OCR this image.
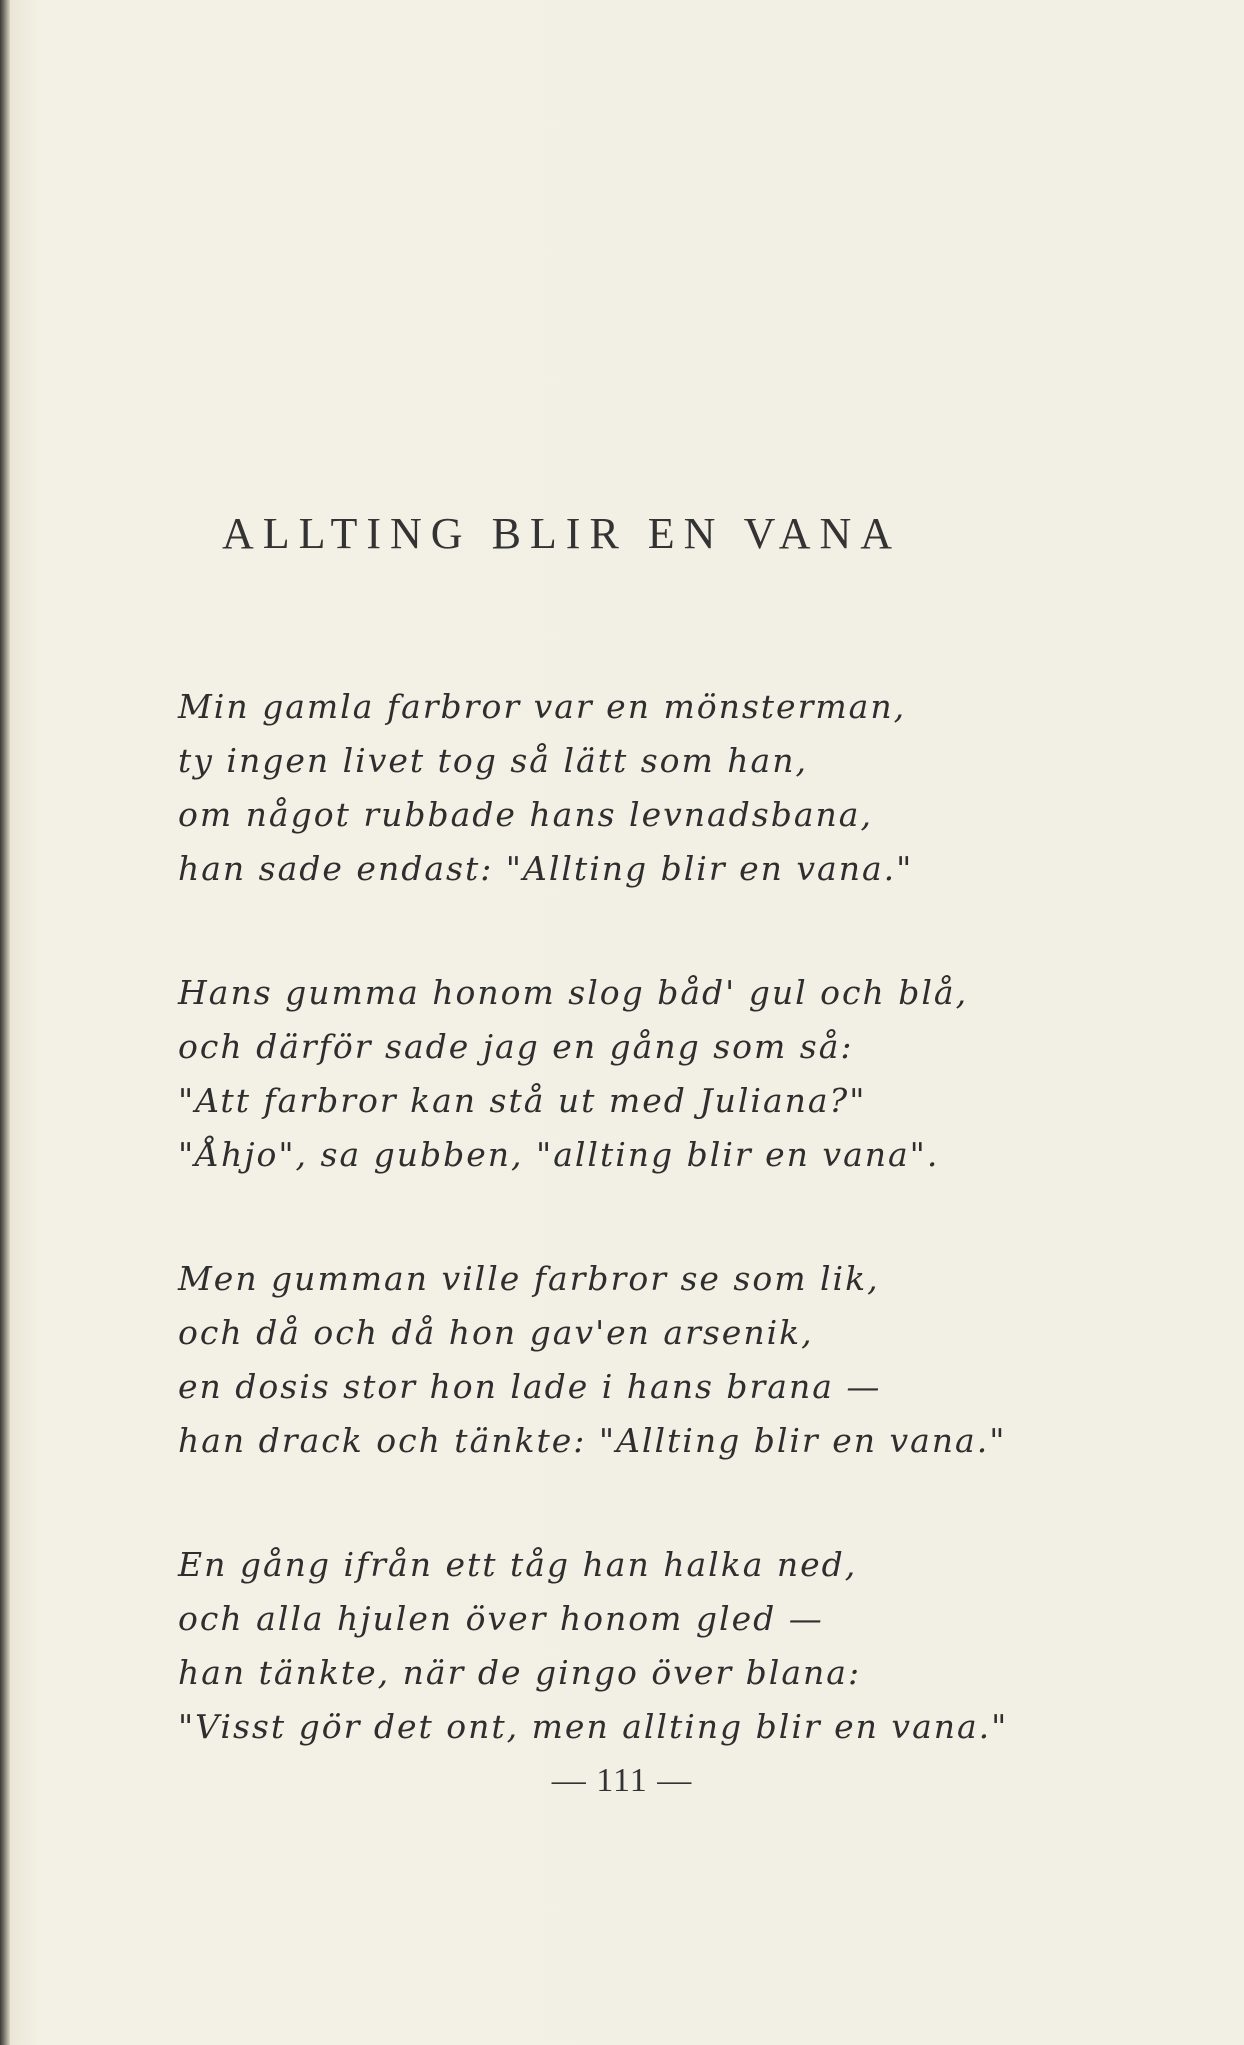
ALLTING BLIR EN VANA
Min gamla farbror var en mönsterman,
ty ingen livet tog så lätt som han,
om något rubbade hans levnadsbana,
han sade endast: "Allting blir en vana."
Hans gumma honom slog båd' gul och blå,
och därför sade jag en gång som så:
"Att farbror kan stå ut med Juliana?"
"Åhjo", sa gubben, "allting blir en vana".
Men gumman ville farbror se som lik,
och då och då hon gav'en arsenik,
en dosis stor hon lade i hans brana —
han drack och tänkte: "Allting blir en vana."
En gång ifrån ett tåg han halka ned,
och alla hjulen över honom gled —
han tänkte, när de gingo över blana:
"Visst gör det ont, men allting blir en vana."
— 111 —
